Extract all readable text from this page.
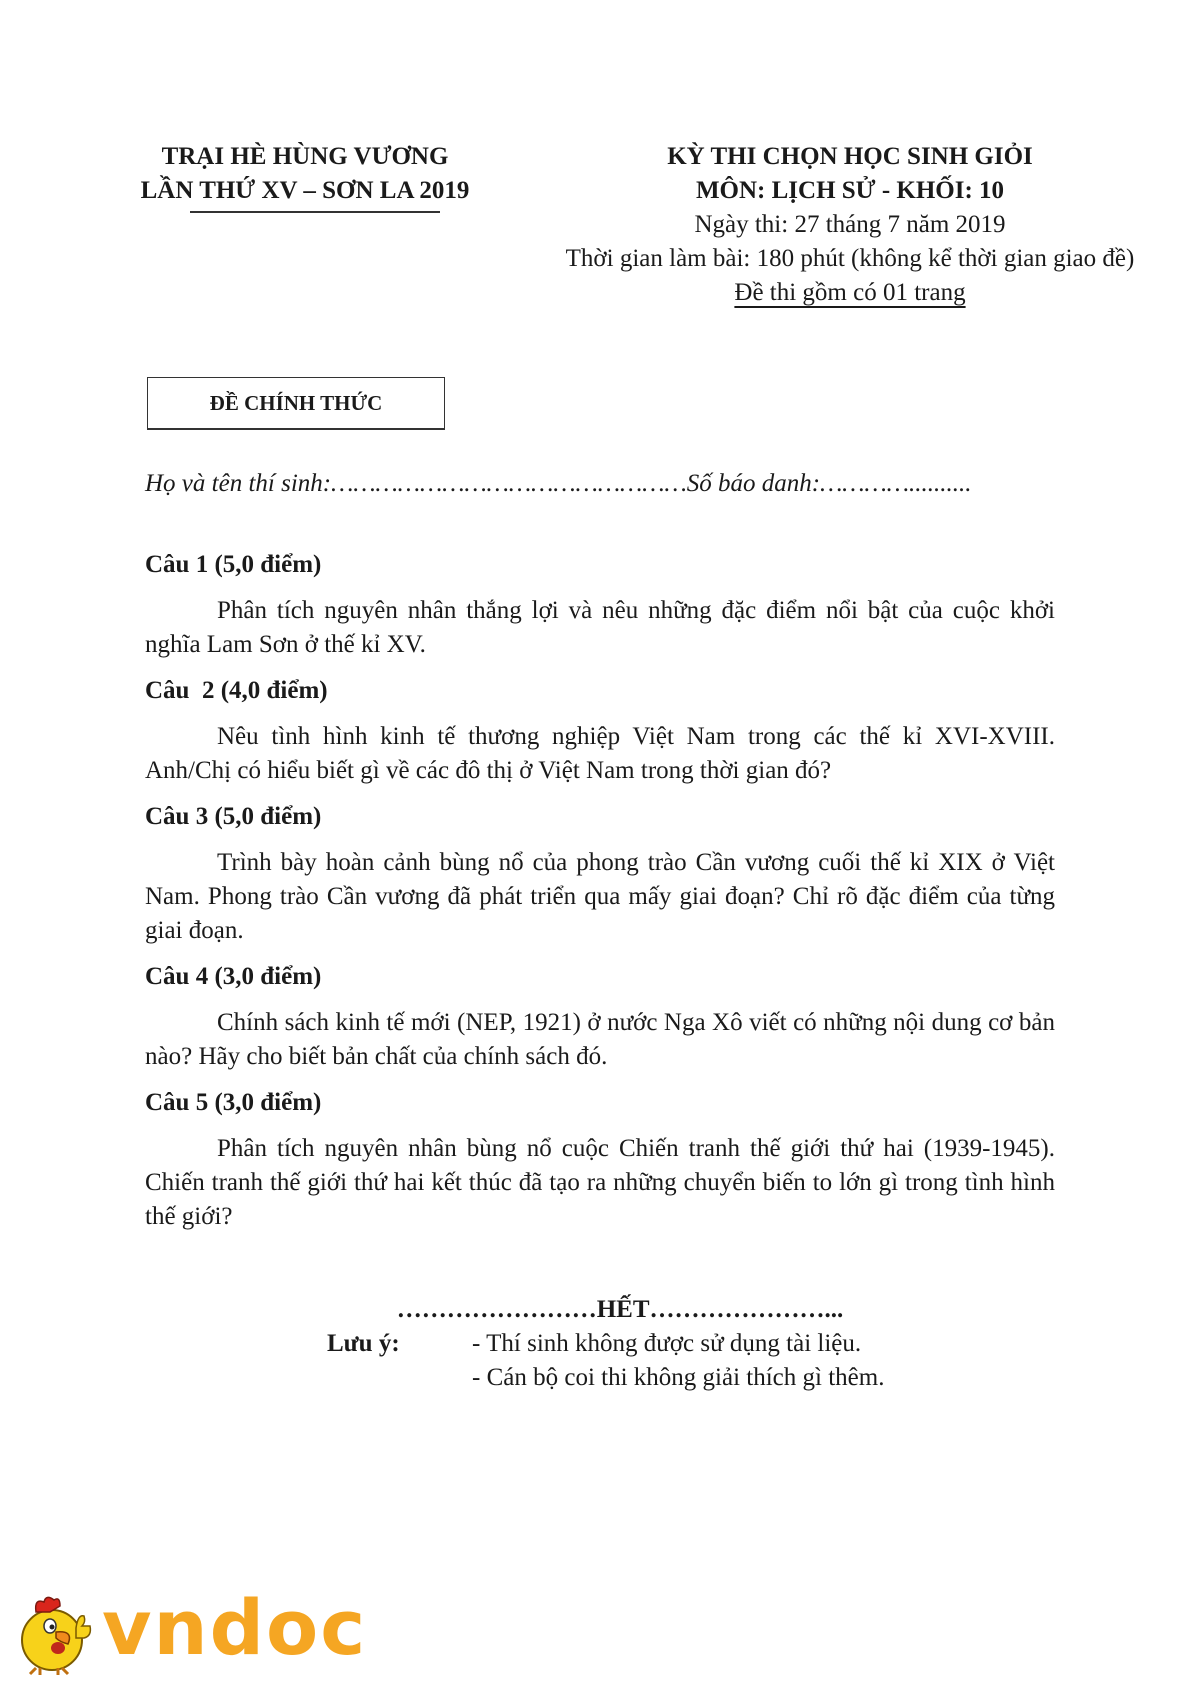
TRẠI HÈ HÙNG VƯƠNG
LẦN THỨ XV – SƠN LA 2019
KỲ THI CHỌN HỌC SINH GIỎI
MÔN: LỊCH SỬ - KHỐI: 10
Ngày thi: 27 tháng 7 năm 2019
Thời gian làm bài: 180 phút (không kể thời gian giao đề)
Đề thi gồm có 01 trang
ĐỀ CHÍNH THỨC
Họ và tên thí sinh:…………………………………………Số báo danh:…………..........

Câu 1 (5,0 điểm)

Phân tích nguyên nhân thắng lợi và nêu những đặc điểm nổi bật của cuộc khởi nghĩa Lam Sơn ở thế kỉ XV.

Câu  2 (4,0 điểm)

Nêu tình hình kinh tế thương nghiệp Việt Nam trong các thế kỉ XVI-XVIII. Anh/Chị có hiểu biết gì về các đô thị ở Việt Nam trong thời gian đó?

Câu 3 (5,0 điểm)

Trình bày hoàn cảnh bùng nổ của phong trào Cần vương cuối thế kỉ XIX ở Việt Nam. Phong trào Cần vương đã phát triển qua mấy giai đoạn? Chỉ rõ đặc điểm của từng giai đoạn.

Câu 4 (3,0 điểm)

Chính sách kinh tế mới (NEP, 1921) ở nước Nga Xô viết có những nội dung cơ bản nào? Hãy cho biết bản chất của chính sách đó.

Câu 5 (3,0 điểm)

Phân tích nguyên nhân bùng nổ cuộc Chiến tranh thế giới thứ hai (1939-1945). Chiến tranh thế giới thứ hai kết thúc đã tạo ra những chuyển biến to lớn gì trong tình hình thế giới?

……………………HẾT…………………...
Lưu ý:	- Thí sinh không được sử dụng tài liệu.
- Cán bộ coi thi không giải thích gì thêm.
vndoc
